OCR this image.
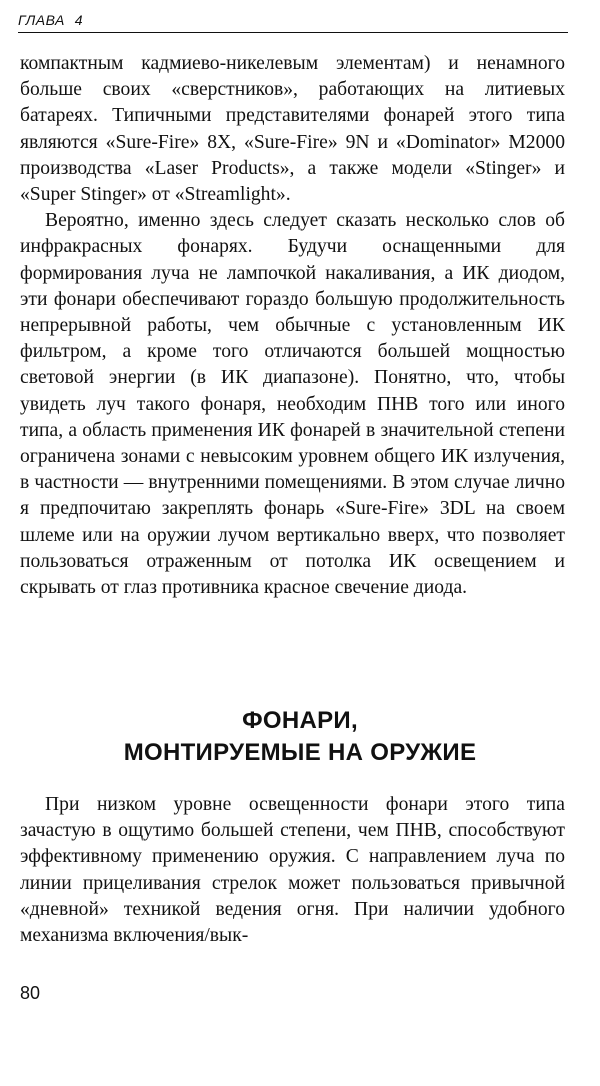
ГЛАВА 4

компактным кадмиево-никелевым элементам) и ненамного больше своих «сверстников», работающих на литиевых батареях. Типичными представителями фонарей этого типа являются «Sure-Fire» 8X, «Sure-Fire» 9N и «Dominator» M2000 производства «Laser Products», а также модели «Stinger» и «Super Stinger» от «Streamlight».

Вероятно, именно здесь следует сказать несколько слов об инфракрасных фонарях. Будучи оснащенными для формирования луча не лампочкой накаливания, а ИК диодом, эти фонари обеспечивают гораздо большую продолжительность непрерывной работы, чем обычные с установленным ИК фильтром, а кроме того отличаются большей мощностью световой энергии (в ИК диапазоне). Понятно, что, чтобы увидеть луч такого фонаря, необходим ПНВ того или иного типа, а область применения ИК фонарей в значительной степени ограничена зонами с невысоким уровнем общего ИК излучения, в частности — внутренними помещениями. В этом случае лично я предпочитаю закреплять фонарь «Sure-Fire» 3DL на своем шлеме или на оружии лучом вертикально вверх, что позволяет пользоваться отраженным от потолка ИК освещением и скрывать от глаз противника красное свечение диода.

ФОНАРИ,
МОНТИРУЕМЫЕ НА ОРУЖИЕ

При низком уровне освещенности фонари этого типа зачастую в ощутимо большей степени, чем ПНВ, способствуют эффективному применению оружия. С направлением луча по линии прицеливания стрелок может пользоваться привычной «дневной» техникой ведения огня. При наличии удобного механизма включения/вык-

80
